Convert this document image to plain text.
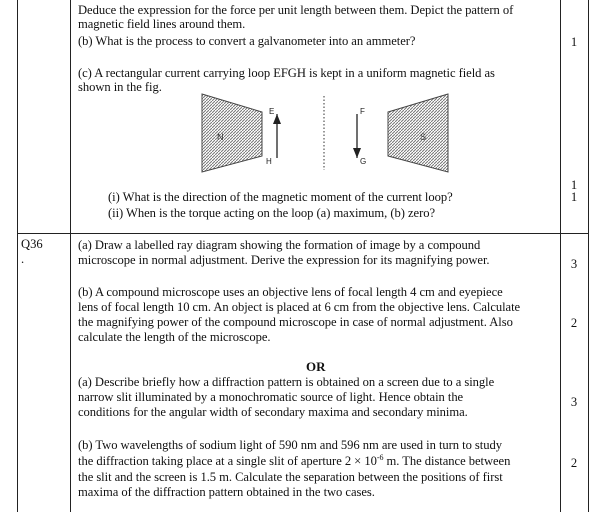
Deduce the expression for the force per unit length between them. Depict the pattern of
magnetic field lines around them.
(b) What is the process to convert a galvanometer into an ammeter?	1
(c) A rectangular current carrying loop EFGH is kept in a uniform magnetic field as
shown in the fig.
N	S
E	F
G
H
1
(i) What is the direction of the magnetic moment of the current loop?	1
(ii) When is the torque acting on the loop (a) maximum, (b) zero?
Q36
.
(a) Draw a labelled ray diagram showing the formation of image by a compound
microscope in normal adjustment. Derive the expression for its magnifying power.	3
(b) A compound microscope uses an objective lens of focal length 4 cm and eyepiece
lens of focal length 10 cm. An object is placed at 6 cm from the objective lens. Calculate
the magnifying power of the compound microscope in case of normal adjustment. Also	2
calculate the length of the microscope.
OR
(a) Describe briefly how a diffraction pattern is obtained on a screen due to a single
narrow slit illuminated by a monochromatic source of light. Hence obtain the	3
conditions for the angular width of secondary maxima and secondary minima.
(b) Two wavelengths of sodium light of 590 nm and 596 nm are used in turn to study
the diffraction taking place at a single slit of aperture $2 \times 10^{-6}$ m. The distance between	2
the slit and the screen is 1.5 m. Calculate the separation between the positions of first
maxima of the diffraction pattern obtained in the two cases.
